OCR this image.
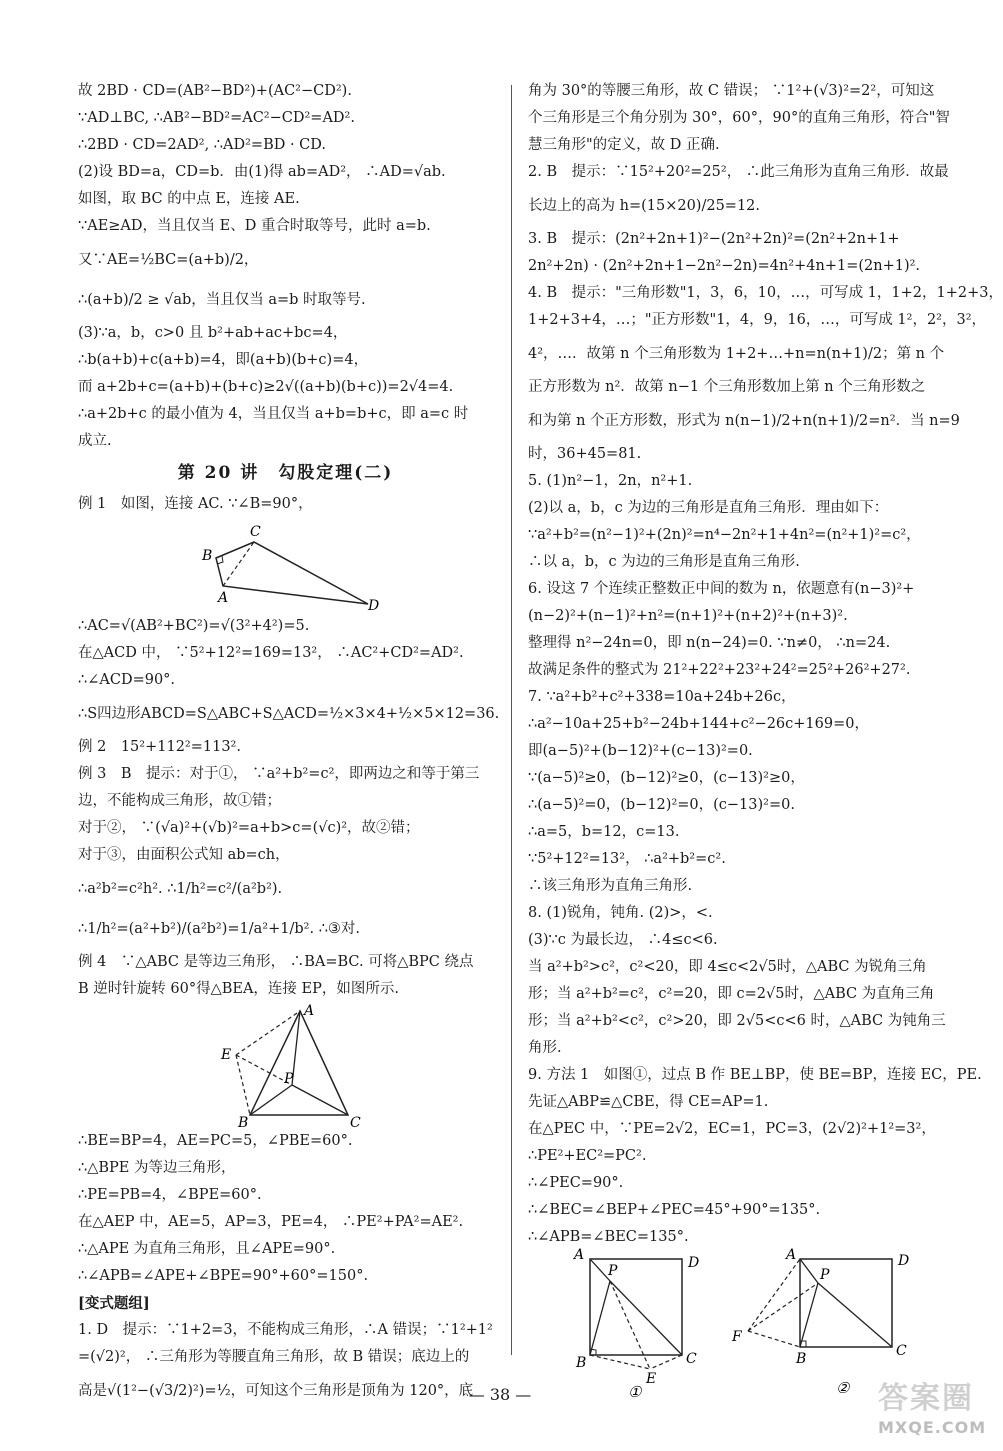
故 2BD · CD=(AB²−BD²)+(AC²−CD²).
∵AD⊥BC, ∴AB²−BD²=AC²−CD²=AD².
∴2BD · CD=2AD², ∴AD²=BD · CD.
(2)设 BD=a，CD=b．由(1)得 ab=AD²， ∴AD=√ab.
如图，取 BC 的中点 E，连接 AE.
∵AE≥AD，当且仅当 E、D 重合时取等号，此时 a=b.
又∵AE=½BC=(a+b)/2，
∴(a+b)/2 ≥ √ab，当且仅当 a=b 时取等号.
(3)∵a，b，c>0 且 b²+ab+ac+bc=4，
∴b(a+b)+c(a+b)=4，即(a+b)(b+c)=4，
而 a+2b+c=(a+b)+(b+c)≥2√((a+b)(b+c))=2√4=4.
∴a+2b+c 的最小值为 4，当且仅当 a+b=b+c，即 a=c 时
成立.
第 20 讲　勾股定理(二)
例 1　如图，连接 AC. ∵∠B=90°，
B
C
A	D
∴AC=√(AB²+BC²)=√(3²+4²)=5.
在△ACD 中， ∵5²+12²=169=13²， ∴AC²+CD²=AD².
∴∠ACD=90°.
∴S四边形ABCD=S△ABC+S△ACD=½×3×4+½×5×12=36.
例 2　15²+112²=113².
例 3　B　提示：对于①， ∵a²+b²=c²，即两边之和等于第三
边，不能构成三角形，故①错；
对于②， ∵(√a)²+(√b)²=a+b>c=(√c)²，故②错；
对于③，由面积公式知 ab=ch，
∴a²b²=c²h². ∴1/h²=c²/(a²b²).
∴1/h²=(a²+b²)/(a²b²)=1/a²+1/b². ∴③对.
例 4　∵△ABC 是等边三角形， ∴BA=BC. 可将△BPC 绕点
B 逆时针旋转 60°得△BEA，连接 EP，如图所示.
A
E
P
B	C
∴BE=BP=4，AE=PC=5，∠PBE=60°.
∴△BPE 为等边三角形，
∴PE=PB=4，∠BPE=60°.
在△AEP 中，AE=5，AP=3，PE=4， ∴PE²+PA²=AE².
∴△APE 为直角三角形，且∠APE=90°.
∴∠APB=∠APE+∠BPE=90°+60°=150°.
[变式题组]
1. D　提示：∵1+2=3，不能构成三角形，∴A 错误；∵1²+1²
=(√2)²， ∴三角形为等腰直角三角形，故 B 错误；底边上的
高是√(1²−(√3/2)²)=½，可知这个三角形是顶角为 120°，底
角为 30°的等腰三角形，故 C 错误； ∵1²+(√3)²=2²，可知这
个三角形是三个角分别为 30°，60°，90°的直角三角形，符合"智
慧三角形"的定义，故 D 正确.
2. B　提示：∵15²+20²=25²， ∴此三角形为直角三角形．故最
长边上的高为 h=(15×20)/25=12.
3. B　提示：(2n²+2n+1)²−(2n²+2n)²=(2n²+2n+1+
2n²+2n) · (2n²+2n+1−2n²−2n)=4n²+4n+1=(2n+1)².
4. B　提示："三角形数"1，3，6，10，…，可写成 1，1+2，1+2+3，
1+2+3+4，…；"正方形数"1，4，9，16，…，可写成 1²，2²，3²，
4²，…．故第 n 个三角形数为 1+2+…+n=n(n+1)/2；第 n 个
正方形数为 n²．故第 n−1 个三角形数加上第 n 个三角形数之
和为第 n 个正方形数，形式为 n(n−1)/2+n(n+1)/2=n²．当 n=9
时，36+45=81.
5. (1)n²−1，2n，n²+1.
(2)以 a，b，c 为边的三角形是直角三角形．理由如下：
∵a²+b²=(n²−1)²+(2n)²=n⁴−2n²+1+4n²=(n²+1)²=c²，
∴以 a，b，c 为边的三角形是直角三角形.
6. 设这 7 个连续正整数正中间的数为 n，依题意有(n−3)²+
(n−2)²+(n−1)²+n²=(n+1)²+(n+2)²+(n+3)².
整理得 n²−24n=0，即 n(n−24)=0. ∵n≠0， ∴n=24.
故满足条件的整式为 21²+22²+23²+24²=25²+26²+27².
7. ∵a²+b²+c²+338=10a+24b+26c，
∴a²−10a+25+b²−24b+144+c²−26c+169=0，
即(a−5)²+(b−12)²+(c−13)²=0.
∵(a−5)²≥0，(b−12)²≥0，(c−13)²≥0，
∴(a−5)²=0，(b−12)²=0，(c−13)²=0.
∴a=5，b=12，c=13.
∵5²+12²=13²， ∴a²+b²=c².
∴该三角形为直角三角形.
8. (1)锐角，钝角. (2)>，<.
(3)∵c 为最长边， ∴4≤c<6.
当 a²+b²>c²，c²<20，即 4≤c<2√5时，△ABC 为锐角三角
形；当 a²+b²=c²，c²=20，即 c=2√5时，△ABC 为直角三角
形；当 a²+b²<c²，c²>20，即 2√5<c<6 时，△ABC 为钝角三
角形.
9. 方法 1　如图①，过点 B 作 BE⊥BP，使 BE=BP，连接 EC，PE.
先证△ABP≌△CBE，得 CE=AP=1.
在△PEC 中，∵PE=2√2，EC=1，PC=3，(2√2)²+1²=3²，
∴PE²+EC²=PC².
∴∠PEC=90°.
∴∠BEC=∠BEP+∠PEC=45°+90°=135°.
∴∠APB=∠BEC=135°.
A	D
P
B	C
E
①
A	D
P
F
B	C
②
— 38 —	答案圈
MXQE.COM
